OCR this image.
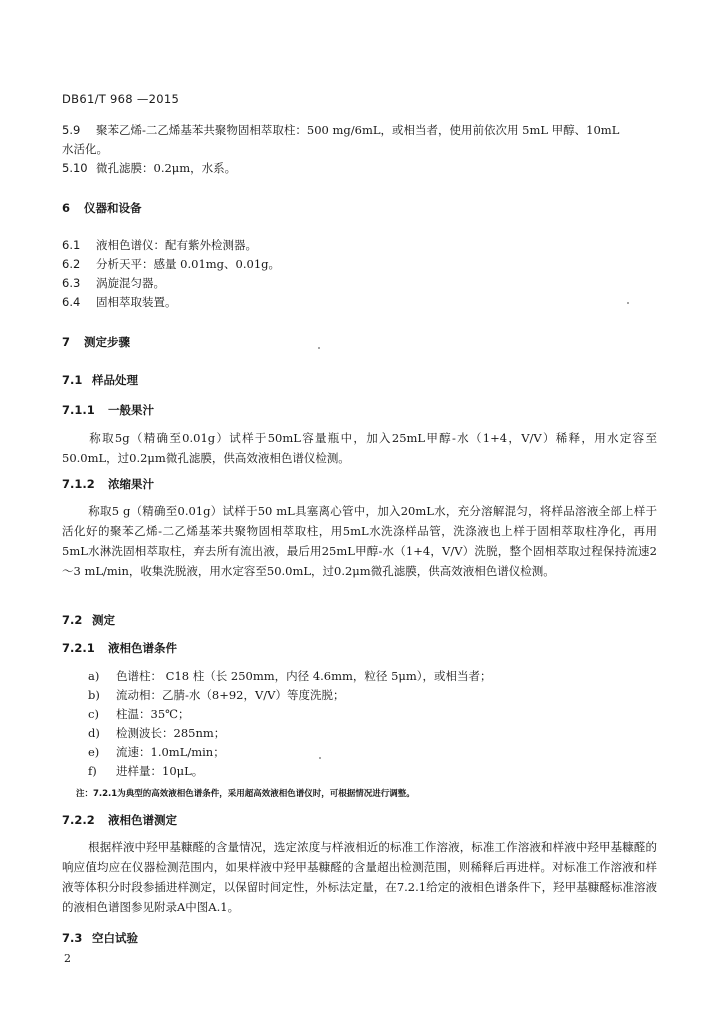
DB61/T 968 —2015
5.9 聚苯乙烯-二乙烯基苯共聚物固相萃取柱：500 mg/6mL，或相当者，使用前依次用 5mL 甲醇、10mL
水活化。
5.10 微孔滤膜：0.2μm，水系。
6 仪器和设备
6.1 液相色谱仪：配有紫外检测器。
6.2 分析天平：感量 0.01mg、0.01g。
6.3 涡旋混匀器。
6.4 固相萃取装置。
7 测定步骤
7.1 样品处理
7.1.1 一般果汁
称取5g（精确至0.01g）试样于50mL容量瓶中，加入25mL甲醇-水（1+4，V/V）稀释，用水定容至50.0mL，过0.2μm微孔滤膜，供高效液相色谱仪检测。
7.1.2 浓缩果汁
称取5 g（精确至0.01g）试样于50 mL具塞离心管中，加入20mL水，充分溶解混匀，将样品溶液全部上样于活化好的聚苯乙烯-二乙烯基苯共聚物固相萃取柱，用5mL水洗涤样品管，洗涤液也上样于固相萃取柱净化，再用5mL水淋洗固相萃取柱，弃去所有流出液，最后用25mL甲醇-水（1+4，V/V）洗脱，整个固相萃取过程保持流速2～3 mL/min，收集洗脱液，用水定容至50.0mL，过0.2μm微孔滤膜，供高效液相色谱仪检测。
7.2 测定
7.2.1 液相色谱条件
a) 色谱柱： C18 柱（长 250mm，内径 4.6mm，粒径 5μm），或相当者；
b) 流动相：乙腈-水（8+92，V/V）等度洗脱；
c) 柱温：35℃；
d) 检测波长：285nm；
e) 流速：1.0mL/min；
f) 进样量：10μL。
注：7.2.1为典型的高效液相色谱条件，采用超高效液相色谱仪时，可根据情况进行调整。
7.2.2 液相色谱测定
根据样液中羟甲基糠醛的含量情况，选定浓度与样液相近的标准工作溶液，标准工作溶液和样液中羟甲基糠醛的响应值均应在仪器检测范围内，如果样液中羟甲基糠醛的含量超出检测范围，则稀释后再进样。对标准工作溶液和样液等体积分时段参插进样测定，以保留时间定性，外标法定量，在7.2.1给定的液相色谱条件下，羟甲基糠醛标准溶液的液相色谱图参见附录A中图A.1。
7.3 空白试验
2
